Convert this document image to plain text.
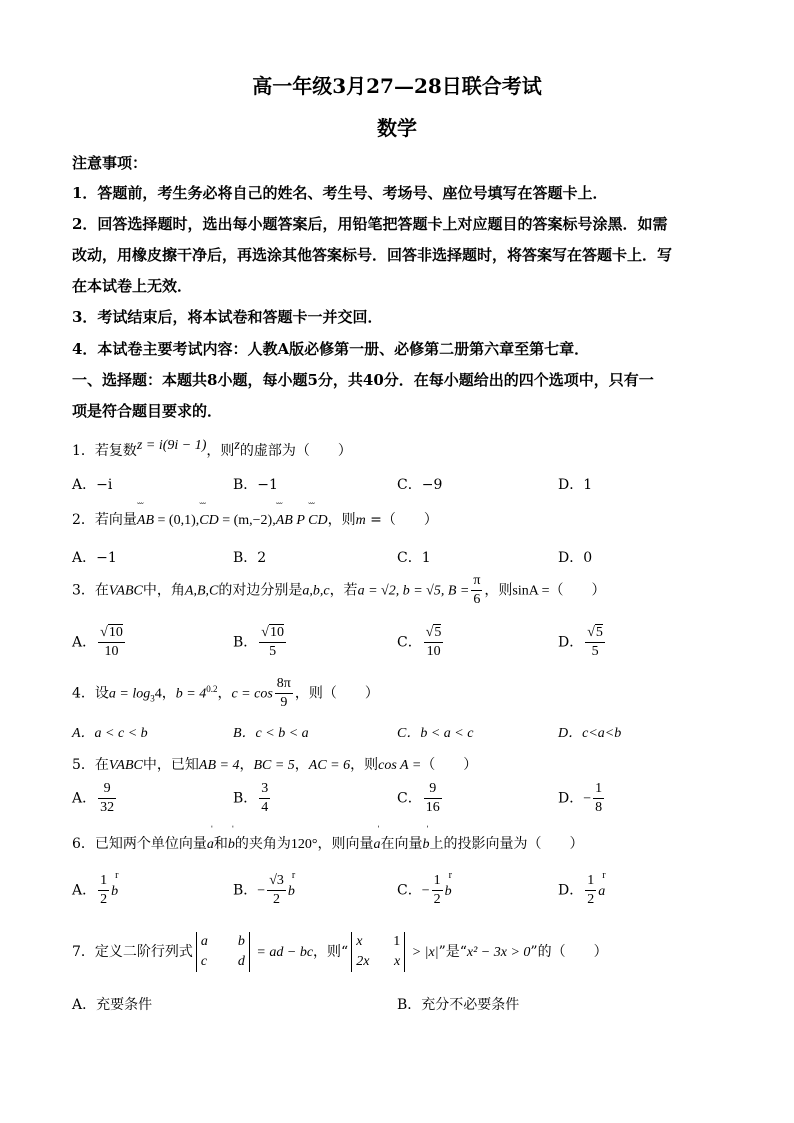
高一年级3月27—28日联合考试
数学
注意事项：
1．答题前，考生务必将自己的姓名、考生号、考场号、座位号填写在答题卡上．
2．回答选择题时，选出每小题答案后，用铅笔把答题卡上对应题目的答案标号涂黑．如需
改动，用橡皮擦干净后，再选涂其他答案标号．回答非选择题时，将答案写在答题卡上．写
在本试卷上无效．
3．考试结束后，将本试卷和答题卡一并交回．
4．本试卷主要考试内容：人教A版必修第一册、必修第二册第六章至第七章．
一、选择题：本题共8小题，每小题5分，共40分．在每小题给出的四个选项中，只有一
项是符合题目要求的．
1．若复数z = i(9i − 1)，则z的虚部为（　　）
A．−i	B．−1	C．−9	D．1
2．若向量˘˘˘ AB = (0,1),˘˘˘ CD = (m,−2),˘˘˘ AB P ˘˘˘ CD，则m =（　　）
A．−1	B．2	C．1	D．0
3．在VABC中，角A,B,C的对边分别是a,b,c，若a = √2, b = √5, $B = \frac{\pi}{6}$ ，则sinA =（　　）
A． $\frac{√10}{10}$	B． $\frac{√10}{5}$	C． $\frac{√5}{10}$	D． $\frac{√5}{5}$
4．设$a = \log_34$，$b = 4^{0.2}$，$c = \cos \frac{8\pi}{9}$ ，则（　　）
A．a < c < b	B．c < b < a	C．b < a < c	D．c<a<b
5．在VABC中，已知AB = 4，BC = 5，AC = 6，则cos A =（　　）
A． $\frac{9}{32}$	B． $\frac{3}{4}$	C． $\frac{9}{16}$	D．− $\frac{1}{8}$
6．已知两个单位向量ˈ a和ˈ b的夹角为120°，则向量ˈ a在向量ˈ b上的投影向量为（　　）
A． $\frac{1}{2}$ r b	B．− $\frac{√3}{2}$ r b	C．− $\frac{1}{2}$ r b	D． $\frac{1}{2}$ r a
7．定义二阶行列式
a b
c d
= ad − bc，则“
x 1
2x x
> |x|”是“x² − 3x > 0”的（　　）
A．充要条件	B．充分不必要条件
